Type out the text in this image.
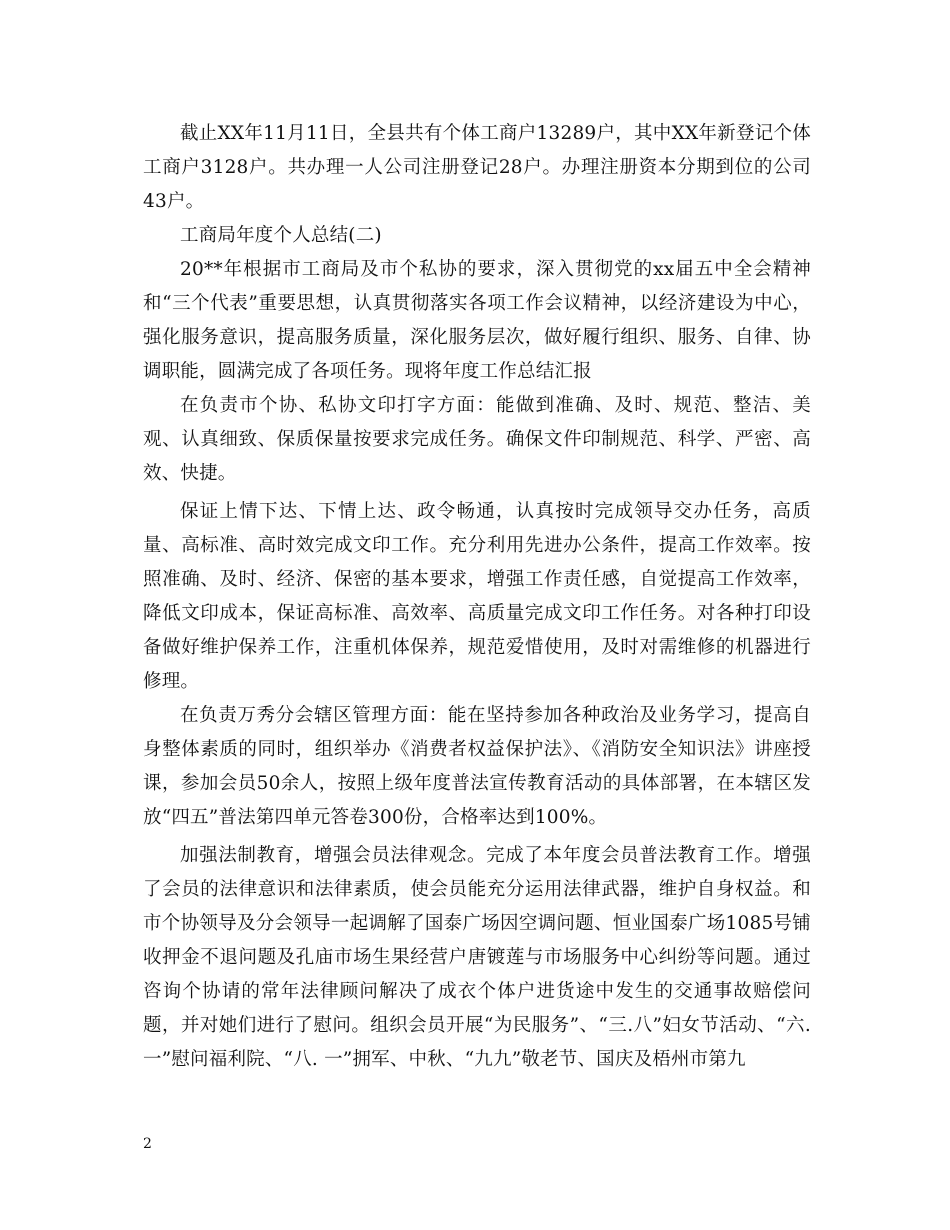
截止XX年11月11日，全县共有个体工商户13289户，其中XX年新登记个体工商户3128户。共办理一人公司注册登记28户。办理注册资本分期到位的公司43户。

工商局年度个人总结(二)

20**年根据市工商局及市个私协的要求，深入贯彻党的xx届五中全会精神和“三个代表”重要思想，认真贯彻落实各项工作会议精神，以经济建设为中心，强化服务意识，提高服务质量，深化服务层次，做好履行组织、服务、自律、协调职能，圆满完成了各项任务。现将年度工作总结汇报

在负责市个协、私协文印打字方面：能做到准确、及时、规范、整洁、美观、认真细致、保质保量按要求完成任务。确保文件印制规范、科学、严密、高效、快捷。

保证上情下达、下情上达、政令畅通，认真按时完成领导交办任务，高质量、高标准、高时效完成文印工作。充分利用先进办公条件，提高工作效率。按照准确、及时、经济、保密的基本要求，增强工作责任感，自觉提高工作效率，降低文印成本，保证高标准、高效率、高质量完成文印工作任务。对各种打印设备做好维护保养工作，注重机体保养，规范爱惜使用，及时对需维修的机器进行修理。

在负责万秀分会辖区管理方面：能在坚持参加各种政治及业务学习，提高自身整体素质的同时，组织举办《消费者权益保护法》、《消防安全知识法》讲座授课，参加会员50余人，按照上级年度普法宣传教育活动的具体部署，在本辖区发放“四五”普法第四单元答卷300份，合格率达到100%。

加强法制教育，增强会员法律观念。完成了本年度会员普法教育工作。增强了会员的法律意识和法律素质，使会员能充分运用法律武器，维护自身权益。和市个协领导及分会领导一起调解了国泰广场因空调问题、恒业国泰广场1085号铺收押金不退问题及孔庙市场生果经营户唐镀莲与市场服务中心纠纷等问题。通过咨询个协请的常年法律顾问解决了成衣个体户进货途中发生的交通事故赔偿问题，并对她们进行了慰问。组织会员开展“为民服务”、“三.八”妇女节活动、“六.一”慰问福利院、“八. 一”拥军、中秋、“九九”敬老节、国庆及梧州市第九

2
